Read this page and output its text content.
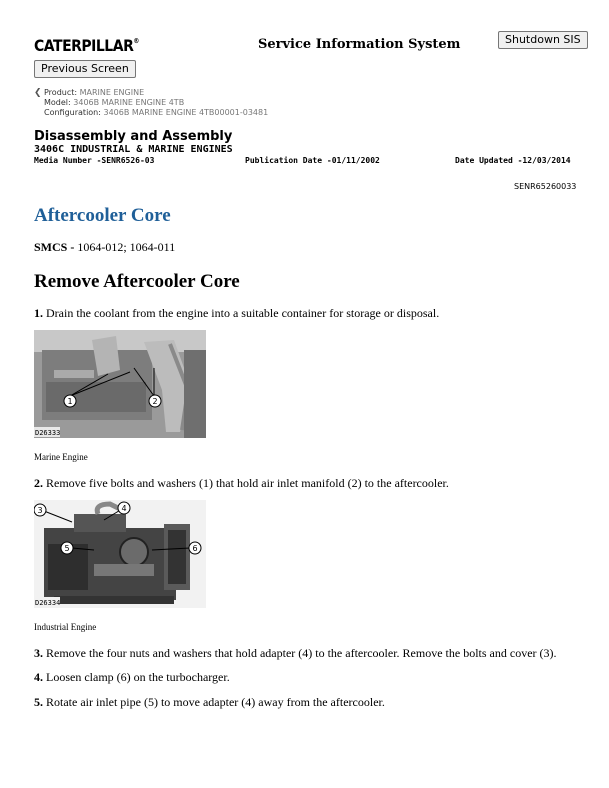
CATERPILLAR®	Service Information System	Shutdown SIS
Previous Screen
❮ Product: MARINE ENGINE
Model: 3406B MARINE ENGINE 4TB
Configuration: 3406B MARINE ENGINE 4TB00001-03481
Disassembly and Assembly
3406C INDUSTRIAL & MARINE ENGINES
Media Number -SENR6526-03	Publication Date -01/11/2002	Date Updated -12/03/2014
SENR65260033
Aftercooler Core
SMCS - 1064-012; 1064-011
Remove Aftercooler Core
1. Drain the coolant from the engine into a suitable container for storage or disposal.
1	2
D26333
Marine Engine
2. Remove five bolts and washers (1) that hold air inlet manifold (2) to the aftercooler.
3	4
5	6
D26334
Industrial Engine
3. Remove the four nuts and washers that hold adapter (4) to the aftercooler. Remove the bolts and cover (3).
4. Loosen clamp (6) on the turbocharger.
5. Rotate air inlet pipe (5) to move adapter (4) away from the aftercooler.
